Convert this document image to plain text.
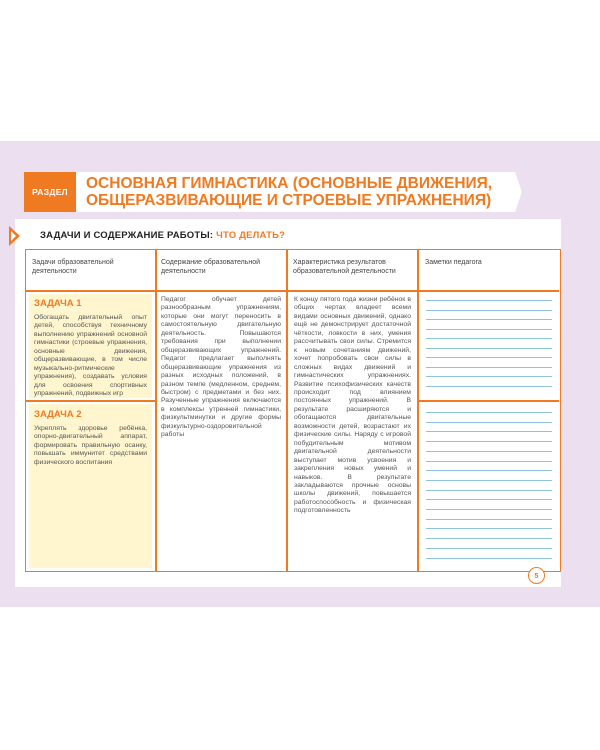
РАЗДЕЛ	ОСНОВНАЯ ГИМНАСТИКА (ОСНОВНЫЕ ДВИЖЕНИЯ, ОБЩЕРАЗВИВАЮЩИЕ И СТРОЕВЫЕ УПРАЖНЕНИЯ)
ЗАДАЧИ И СОДЕРЖАНИЕ РАБОТЫ: ЧТО ДЕЛАТЬ?
Задачи образовательной деятельности
Содержание образовательной деятельности
Характеристика результатов образовательной деятельности
Заметки педагога
ЗАДАЧА 1
Обогащать двигательный опыт детей, способствуя техничному выполнению упражнений основной гимнастики (строевые упражнения, основные движения, общеразвивающие, в том числе музыкально-ритмические упражнения), создавать условия для освоения спортивных упражнений, подвижных игр
ЗАДАЧА 2
Укреплять здоровье ребёнка, опорно-двигательный аппарат, формировать правильную осанку, повышать иммунитет средствами физического воспитания
Педагог обучает детей разнообразным упражнениям, которые они могут переносить в самостоятельную двигательную деятельность. Повышаются требования при выполнении общеразвивающих упражнений. Педагог предлагает выполнять общеразвивающие упражнения из разных исходных положений, в разном темпе (медленном, среднем, быстром) с предметами и без них. Разученные упражнения включаются в комплексы утренней гимнастики, физкультминутки и другие формы физкультурно-оздоровительной работы
К концу пятого года жизни ребёнок в общих чертах владеет всеми видами основных движений, однако ещё не демонстрирует достаточной чёткости, ловкости в них, умения рассчитывать свои силы. Стремится к новым сочетаниям движений, хочет попробовать свои силы в сложных видах движений и гимнастических упражнениях. Развитие психофизических качеств происходит под влиянием постоянных упражнений. В результате расширяются и обогащаются двигательные возможности детей, возрастают их физические силы. Наряду с игровой побудительным мотивом двигательной деятельности выступает мотив усвоения и закрепления новых умений и навыков. В результате закладываются прочные основы школы движений, повышается работоспособность и физическая подготовленность
5
